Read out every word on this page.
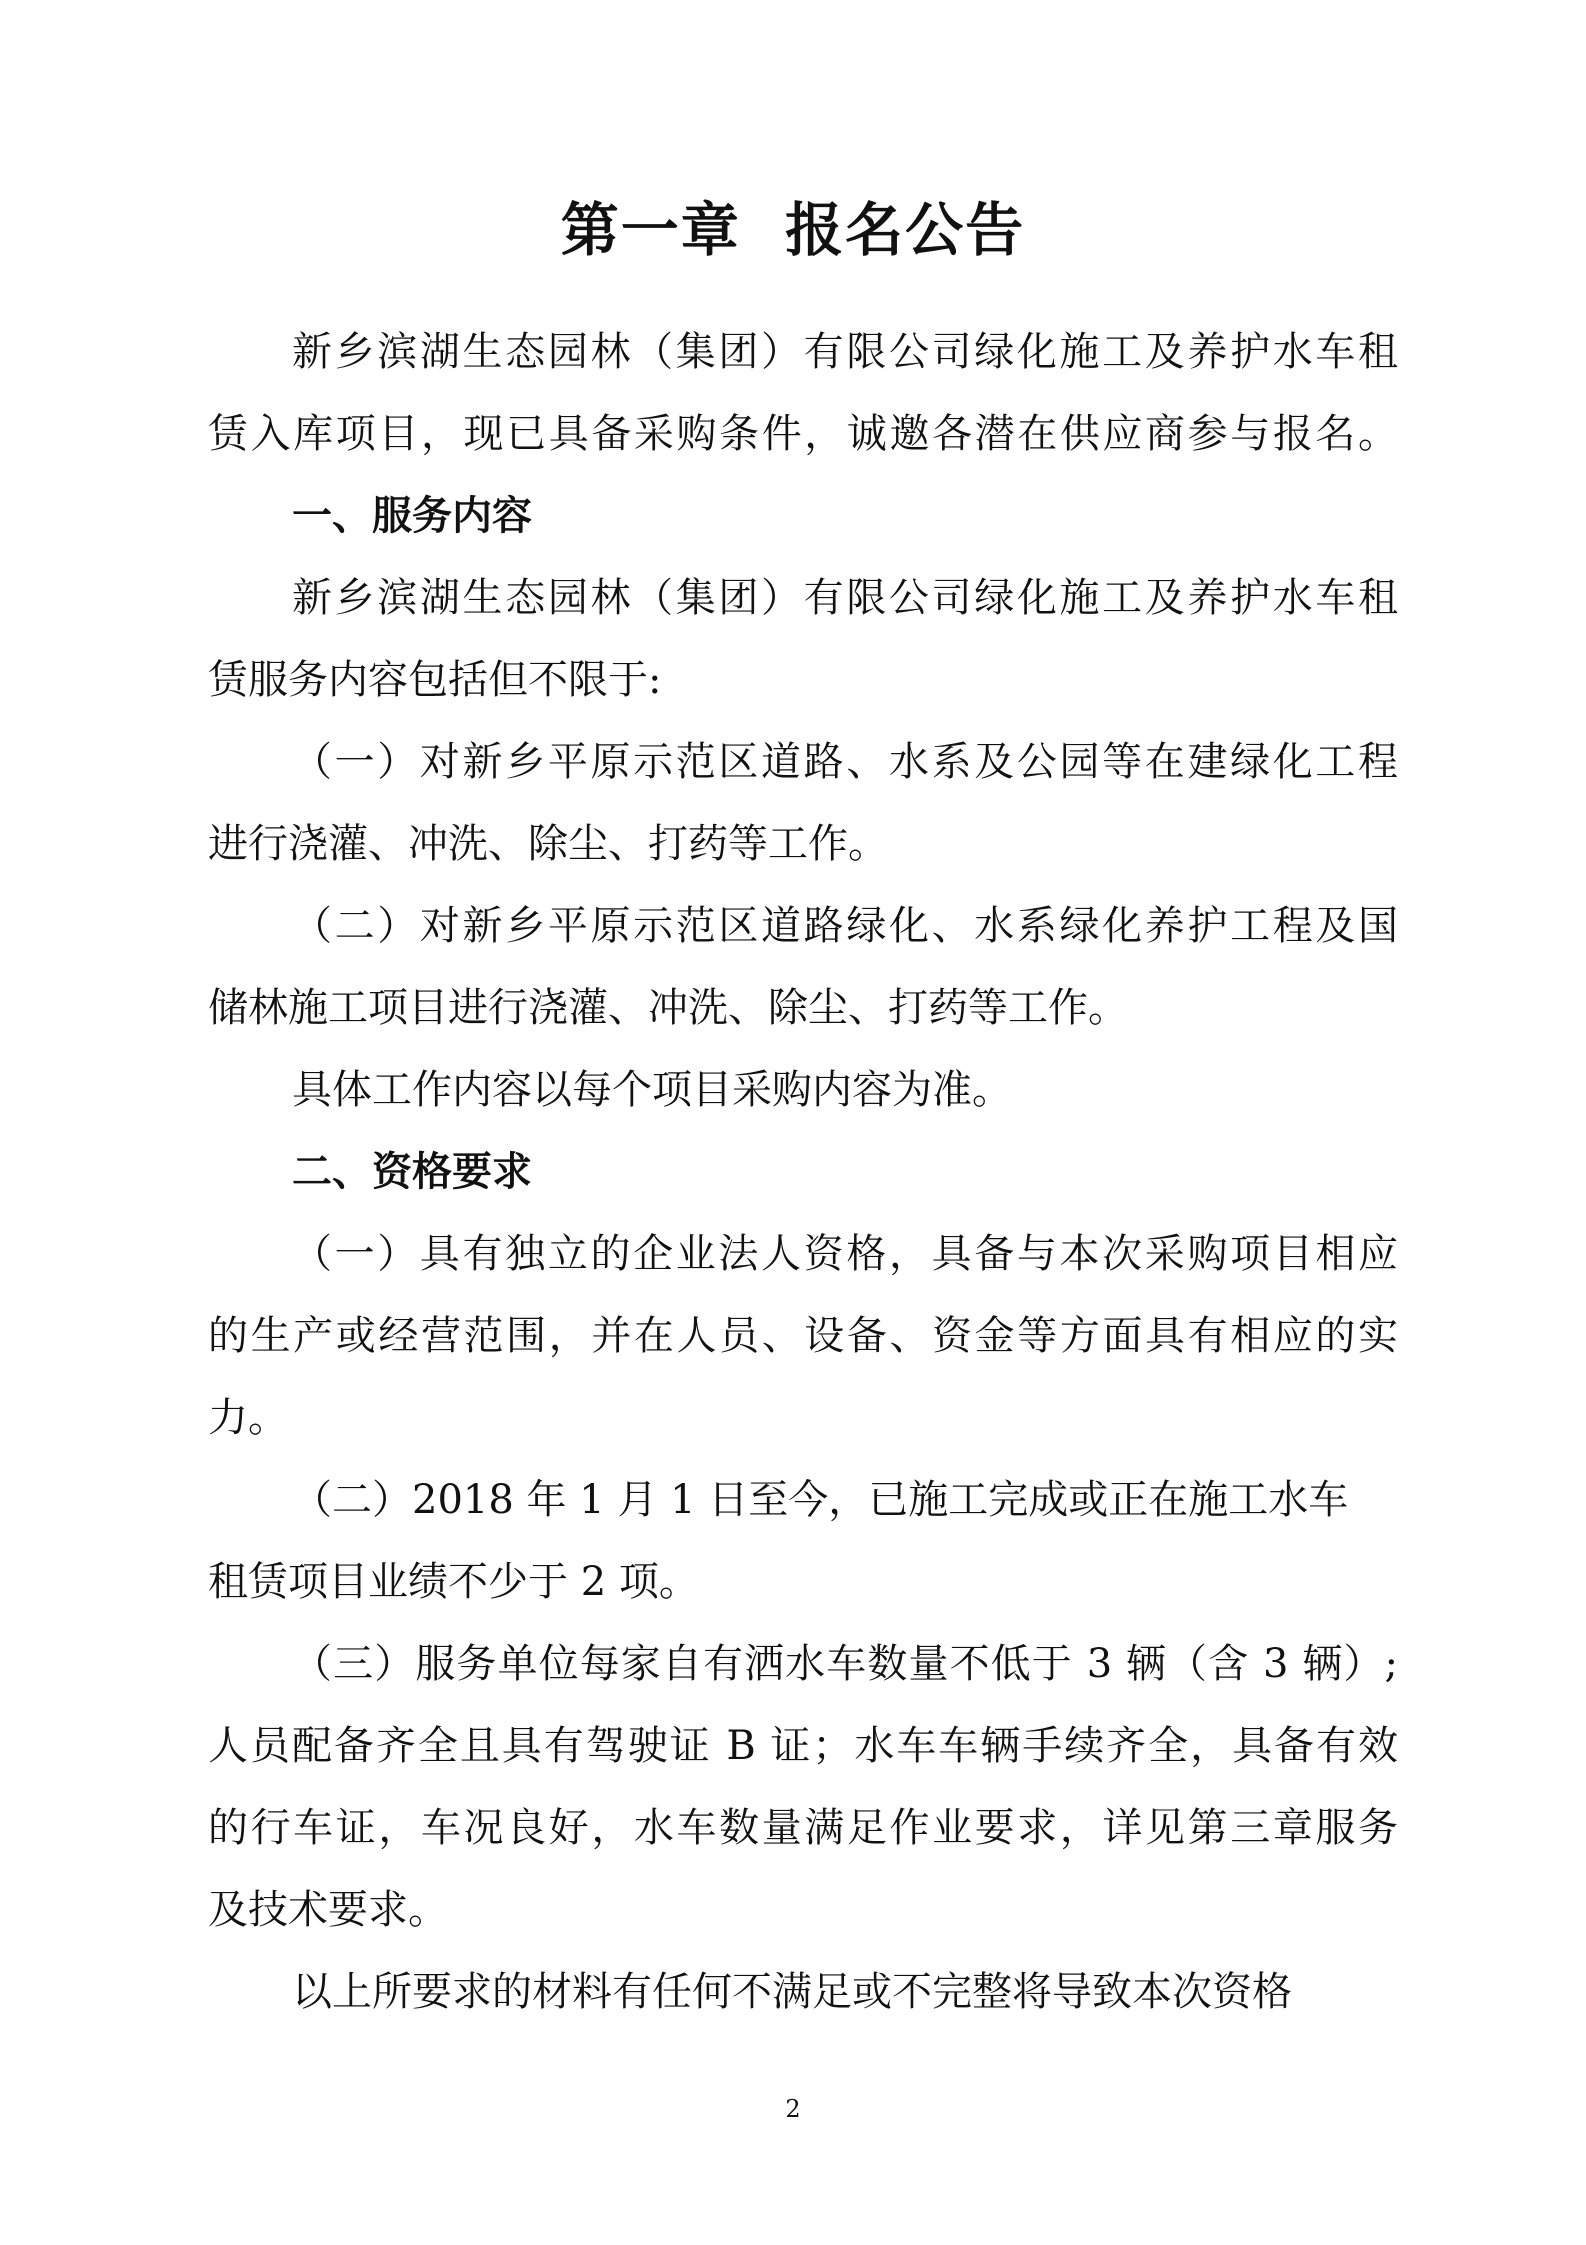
第一章  报名公告
新乡滨湖生态园林（集团）有限公司绿化施工及养护水车租
赁入库项目，现已具备采购条件，诚邀各潜在供应商参与报名。
一、服务内容
新乡滨湖生态园林（集团）有限公司绿化施工及养护水车租
赁服务内容包括但不限于:
（一）对新乡平原示范区道路、水系及公园等在建绿化工程
进行浇灌、冲洗、除尘、打药等工作。
（二）对新乡平原示范区道路绿化、水系绿化养护工程及国
储林施工项目进行浇灌、冲洗、除尘、打药等工作。
具体工作内容以每个项目采购内容为准。
二、资格要求
（一）具有独立的企业法人资格，具备与本次采购项目相应
的生产或经营范围，并在人员、设备、资金等方面具有相应的实
力。
（二）2018 年 1 月 1 日至今，已施工完成或正在施工水车
租赁项目业绩不少于 2 项。
（三）服务单位每家自有洒水车数量不低于 3 辆（含 3 辆）;
人员配备齐全且具有驾驶证 B 证；水车车辆手续齐全，具备有效
的行车证，车况良好，水车数量满足作业要求，详见第三章服务
及技术要求。
以上所要求的材料有任何不满足或不完整将导致本次资格
2
